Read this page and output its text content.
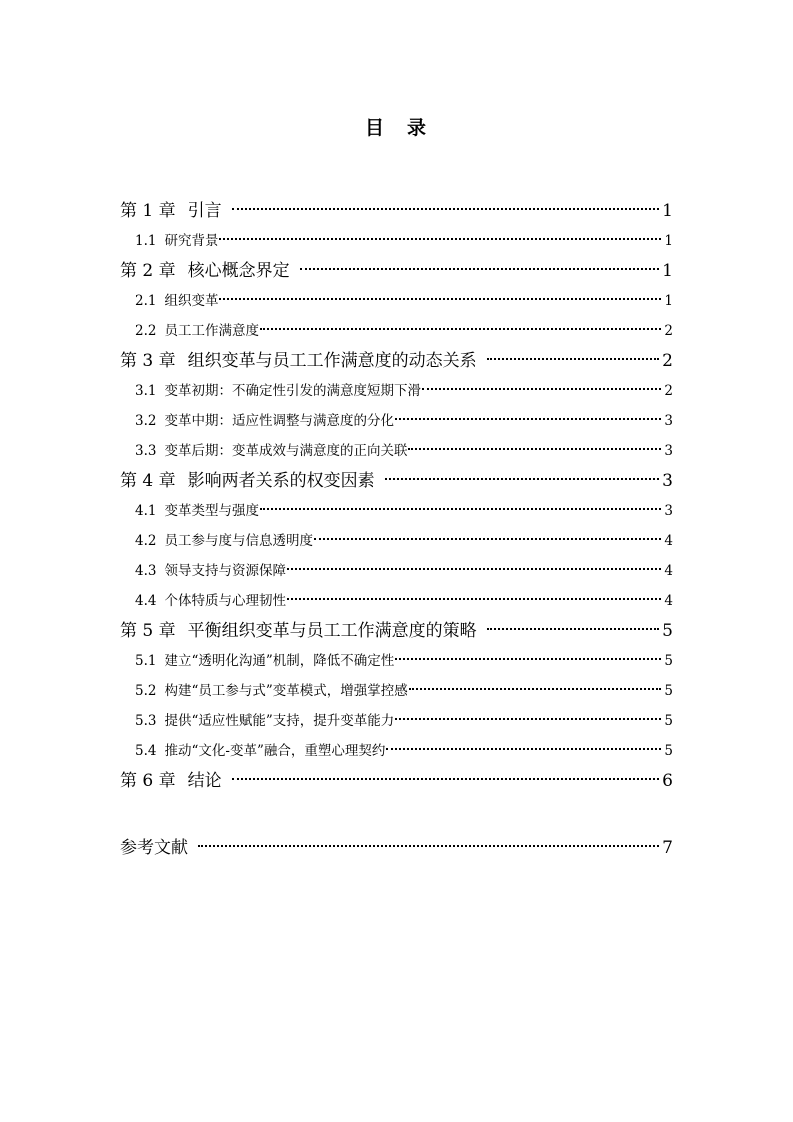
目　录
第 1 章 引言	1
1.1 研究背景	1
第 2 章 核心概念界定	1
2.1 组织变革	1
2.2 员工工作满意度	2
第 3 章 组织变革与员工工作满意度的动态关系	2
3.1 变革初期：不确定性引发的满意度短期下滑	2
3.2 变革中期：适应性调整与满意度的分化	3
3.3 变革后期：变革成效与满意度的正向关联	3
第 4 章 影响两者关系的权变因素	3
4.1 变革类型与强度	3
4.2 员工参与度与信息透明度	4
4.3 领导支持与资源保障	4
4.4 个体特质与心理韧性	4
第 5 章 平衡组织变革与员工工作满意度的策略	5
5.1 建立“透明化沟通”机制，降低不确定性	5
5.2 构建“员工参与式”变革模式，增强掌控感	5
5.3 提供“适应性赋能”支持，提升变革能力	5
5.4 推动“文化-变革”融合，重塑心理契约	5
第 6 章 结论	6
参考文献	7
